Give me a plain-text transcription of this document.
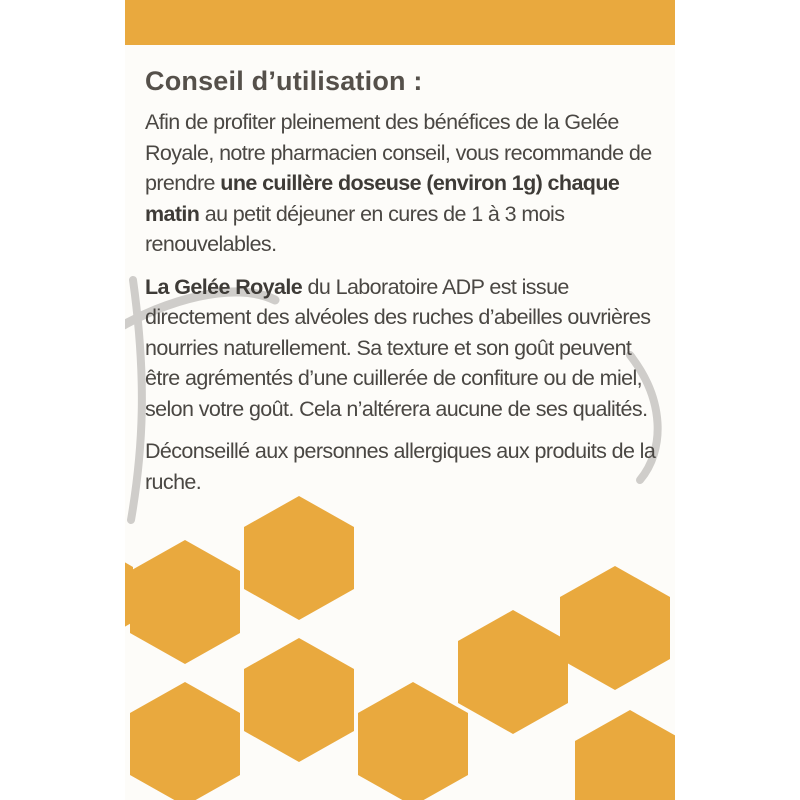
Conseil d’utilisation :

Afin de profiter pleinement des bénéfices de la Gelée Royale, notre pharmacien conseil, vous recommande de prendre une cuillère doseuse (environ 1g) chaque matin au petit déjeuner en cures de 1 à 3 mois renouvelables.

La Gelée Royale du Laboratoire ADP est issue directement des alvéoles des ruches d’abeilles ouvrières nourries naturellement. Sa texture et son goût peuvent être agrémentés d’une cuillerée de confiture ou de miel, selon votre goût. Cela n’altérera aucune de ses qualités.

Déconseillé aux personnes allergiques aux produits de la ruche.
